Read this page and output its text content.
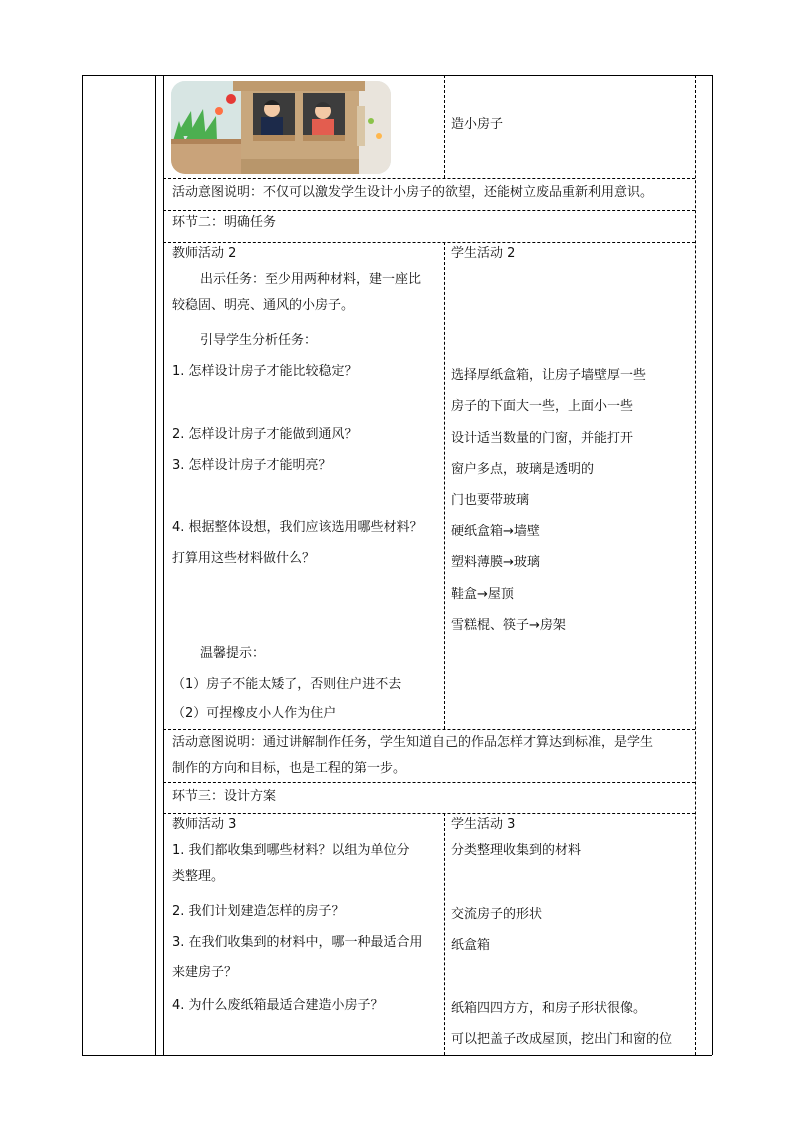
造小房子
活动意图说明：不仅可以激发学生设计小房子的欲望，还能树立废品重新利用意识。
环节二：明确任务
教师活动 2	学生活动 2
出示任务：至少用两种材料，建一座比
较稳固、明亮、通风的小房子。
引导学生分析任务：
1. 怎样设计房子才能比较稳定？
2. 怎样设计房子才能做到通风？
3. 怎样设计房子才能明亮？
4. 根据整体设想，我们应该选用哪些材料？
打算用这些材料做什么？
温馨提示：
（1）房子不能太矮了，否则住户进不去
（2）可捏橡皮小人作为住户
选择厚纸盒箱，让房子墙壁厚一些
房子的下面大一些，上面小一些
设计适当数量的门窗，并能打开
窗户多点，玻璃是透明的
门也要带玻璃
硬纸盒箱→墙壁
塑料薄膜→玻璃
鞋盒→屋顶
雪糕棍、筷子→房架
活动意图说明：通过讲解制作任务，学生知道自己的作品怎样才算达到标准，是学生
制作的方向和目标，也是工程的第一步。
环节三：设计方案
教师活动 3	学生活动 3
1. 我们都收集到哪些材料？以组为单位分
类整理。
2. 我们计划建造怎样的房子？
3. 在我们收集到的材料中，哪一种最适合用
来建房子？
4. 为什么废纸箱最适合建造小房子？
分类整理收集到的材料
交流房子的形状
纸盒箱
纸箱四四方方，和房子形状很像。
可以把盖子改成屋顶，挖出门和窗的位
